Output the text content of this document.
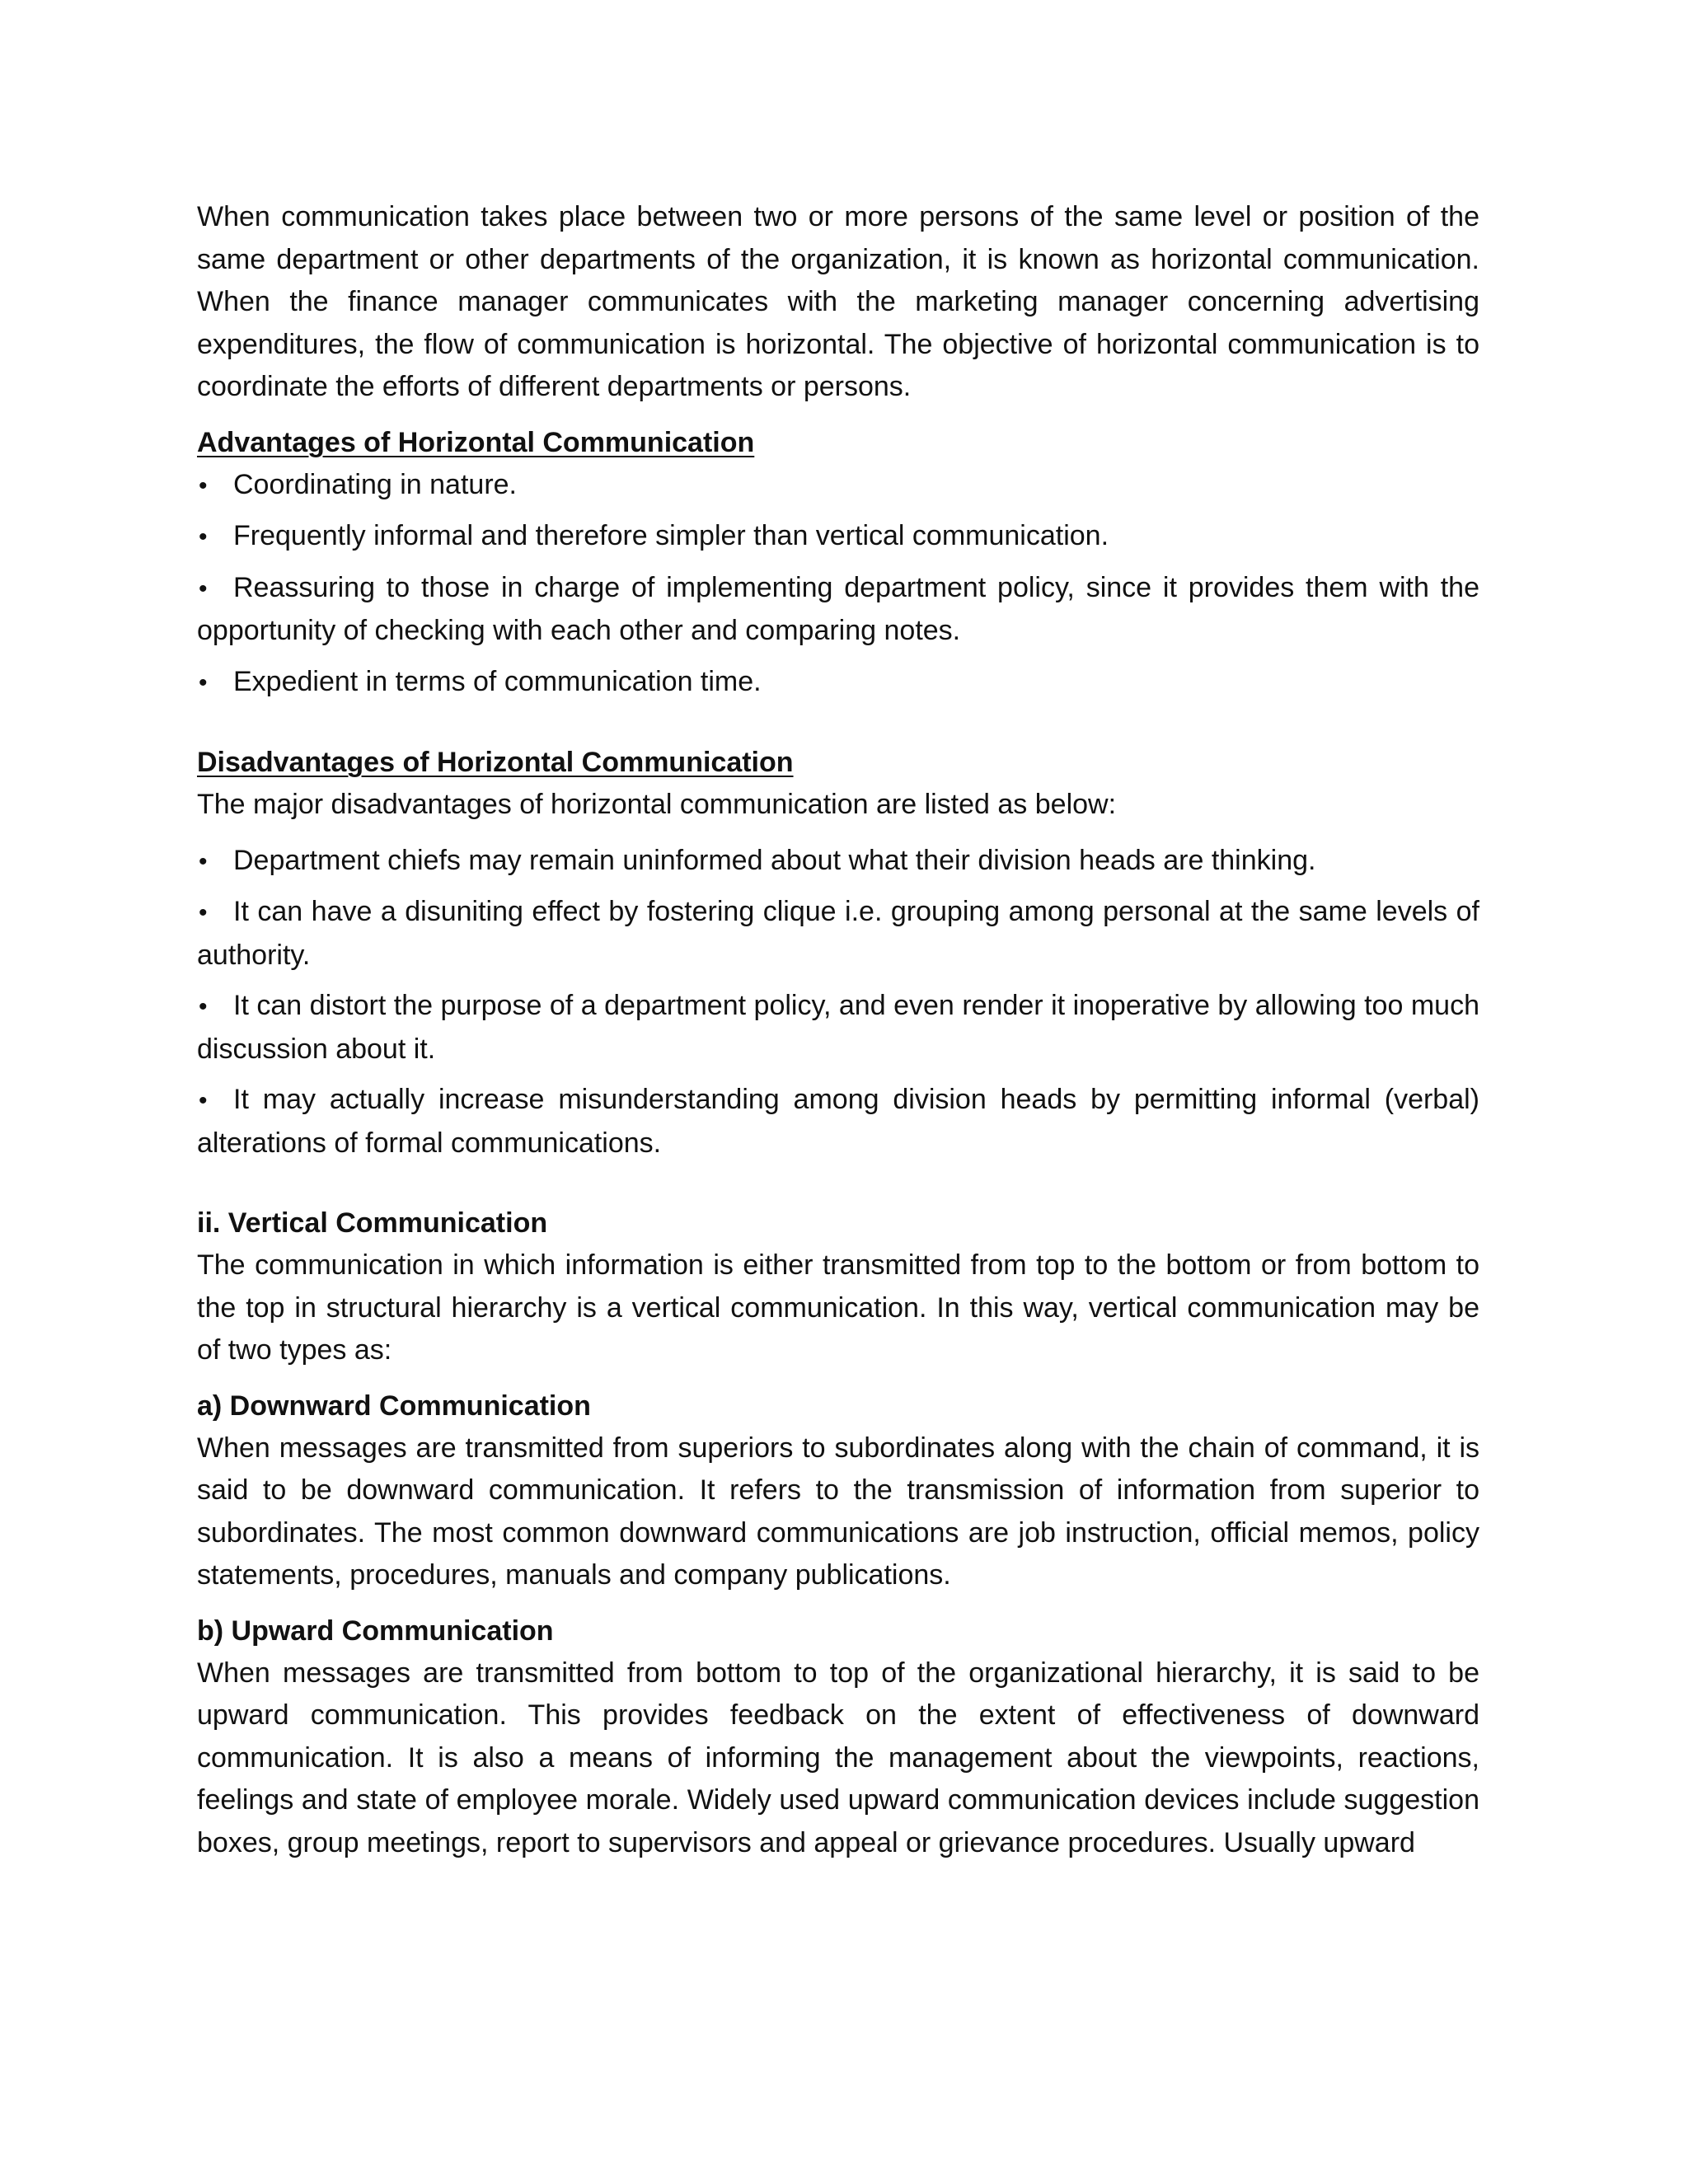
When communication takes place between two or more persons of the same level or position of the same department or other departments of the organization, it is known as horizontal communication. When the finance manager communicates with the marketing manager concerning advertising expenditures, the flow of communication is horizontal. The objective of horizontal communication is to coordinate the efforts of different departments or persons.

Advantages of Horizontal Communication
• Coordinating in nature.
• Frequently informal and therefore simpler than vertical communication.
• Reassuring to those in charge of implementing department policy, since it provides them with the opportunity of checking with each other and comparing notes.
• Expedient in terms of communication time.
Disadvantages of Horizontal Communication

The major disadvantages of horizontal communication are listed as below:

• Department chiefs may remain uninformed about what their division heads are thinking.
• It can have a disuniting effect by fostering clique i.e. grouping among personal at the same levels of authority.
• It can distort the purpose of a department policy, and even render it inoperative by allowing too much discussion about it.
• It may actually increase misunderstanding among division heads by permitting informal (verbal) alterations of formal communications.
ii. Vertical Communication

The communication in which information is either transmitted from top to the bottom or from bottom to the top in structural hierarchy is a vertical communication. In this way, vertical communication may be of two types as:

a) Downward Communication

When messages are transmitted from superiors to subordinates along with the chain of command, it is said to be downward communication. It refers to the transmission of information from superior to subordinates. The most common downward communications are job instruction, official memos, policy statements, procedures, manuals and company publications.

b) Upward Communication

When messages are transmitted from bottom to top of the organizational hierarchy, it is said to be upward communication. This provides feedback on the extent of effectiveness of downward communication. It is also a means of informing the management about the viewpoints, reactions, feelings and state of employee morale. Widely used upward communication devices include suggestion boxes, group meetings, report to supervisors and appeal or grievance procedures. Usually upward
